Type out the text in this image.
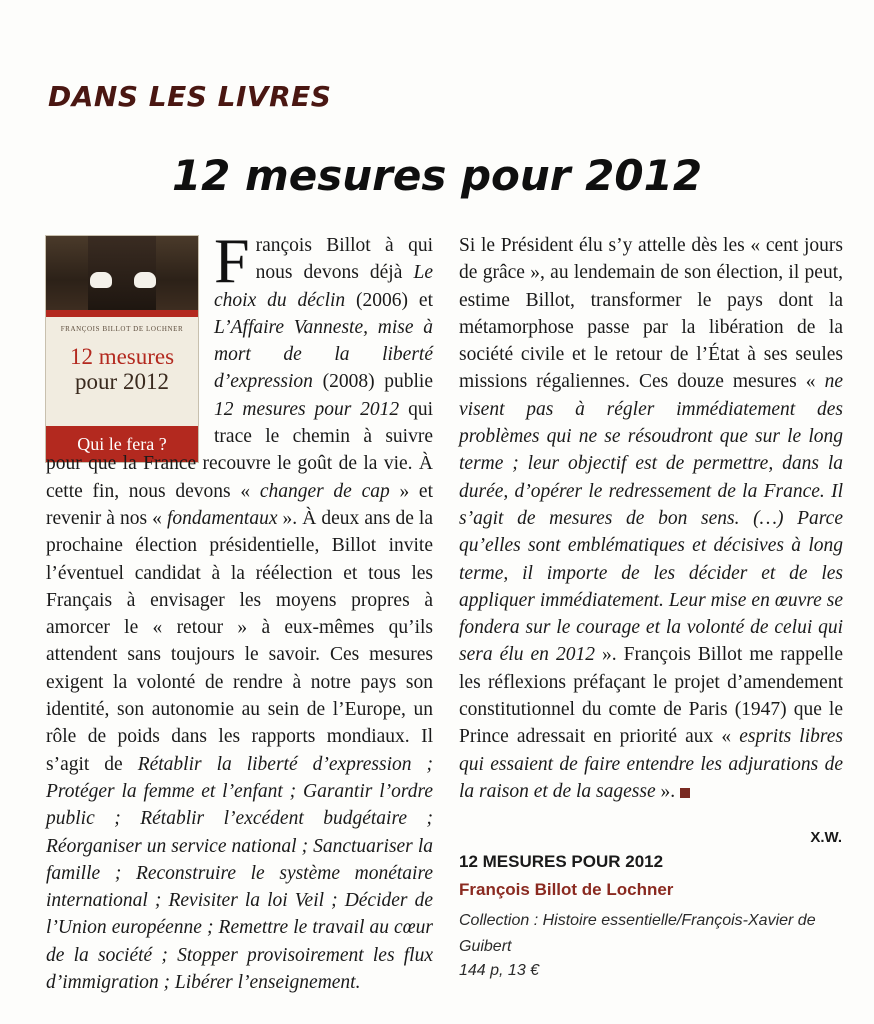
DANS LES LIVRES
12 mesures pour 2012
FRANÇOIS BILLOT DE LOCHNER
12 mesures
pour 2012
Qui le fera ?

François Billot à qui nous devons déjà Le choix du déclin (2006) et L’Affaire Vanneste, mise à mort de la liberté d’expression (2008) publie 12 mesures pour 2012 qui trace le chemin à suivre pour que la France recouvre le goût de la vie. À cette fin, nous devons « changer de cap » et revenir à nos « fondamentaux ». À deux ans de la prochaine élection présidentielle, Billot invite l’éventuel candidat à la réélection et tous les Français à envisager les moyens propres à amorcer le « retour » à eux-mêmes qu’ils attendent sans toujours le savoir. Ces mesures exigent la volonté de rendre à notre pays son identité, son autonomie au sein de l’Europe, un rôle de poids dans les rapports mondiaux. Il s’agit de Rétablir la liberté d’expression ; Protéger la femme et l’enfant ; Garantir l’ordre public ; Rétablir l’excédent budgétaire ; Réorganiser un service national ; Sanctuariser la famille ; Reconstruire le système monétaire international ; Revisiter la loi Veil ; Décider de l’Union européenne ; Remettre le travail au cœur de la société ; Stopper provisoirement les flux d’immigration ; Libérer l’enseignement.

Si le Président élu s’y attelle dès les « cent jours de grâce », au lendemain de son élection, il peut, estime Billot, transformer le pays dont la métamorphose passe par la libération de la société civile et le retour de l’État à ses seules missions régaliennes. Ces douze mesures « ne visent pas à régler immédiatement des problèmes qui ne se résoudront que sur le long terme ; leur objectif est de permettre, dans la durée, d’opérer le redressement de la France. Il s’agit de mesures de bon sens. (…) Parce qu’elles sont emblématiques et décisives à long terme, il importe de les décider et de les appliquer immédiatement. Leur mise en œuvre se fondera sur le courage et la volonté de celui qui sera élu en 2012 ». François Billot me rappelle les réflexions préfaçant le projet d’amendement constitutionnel du comte de Paris (1947) que le Prince adressait en priorité aux « esprits libres qui essaient de faire entendre les adjurations de la raison et de la sagesse ».

X.W.
12 MESURES POUR 2012
François Billot de Lochner
Collection : Histoire essentielle/François-Xavier de Guibert
144 p, 13 €
